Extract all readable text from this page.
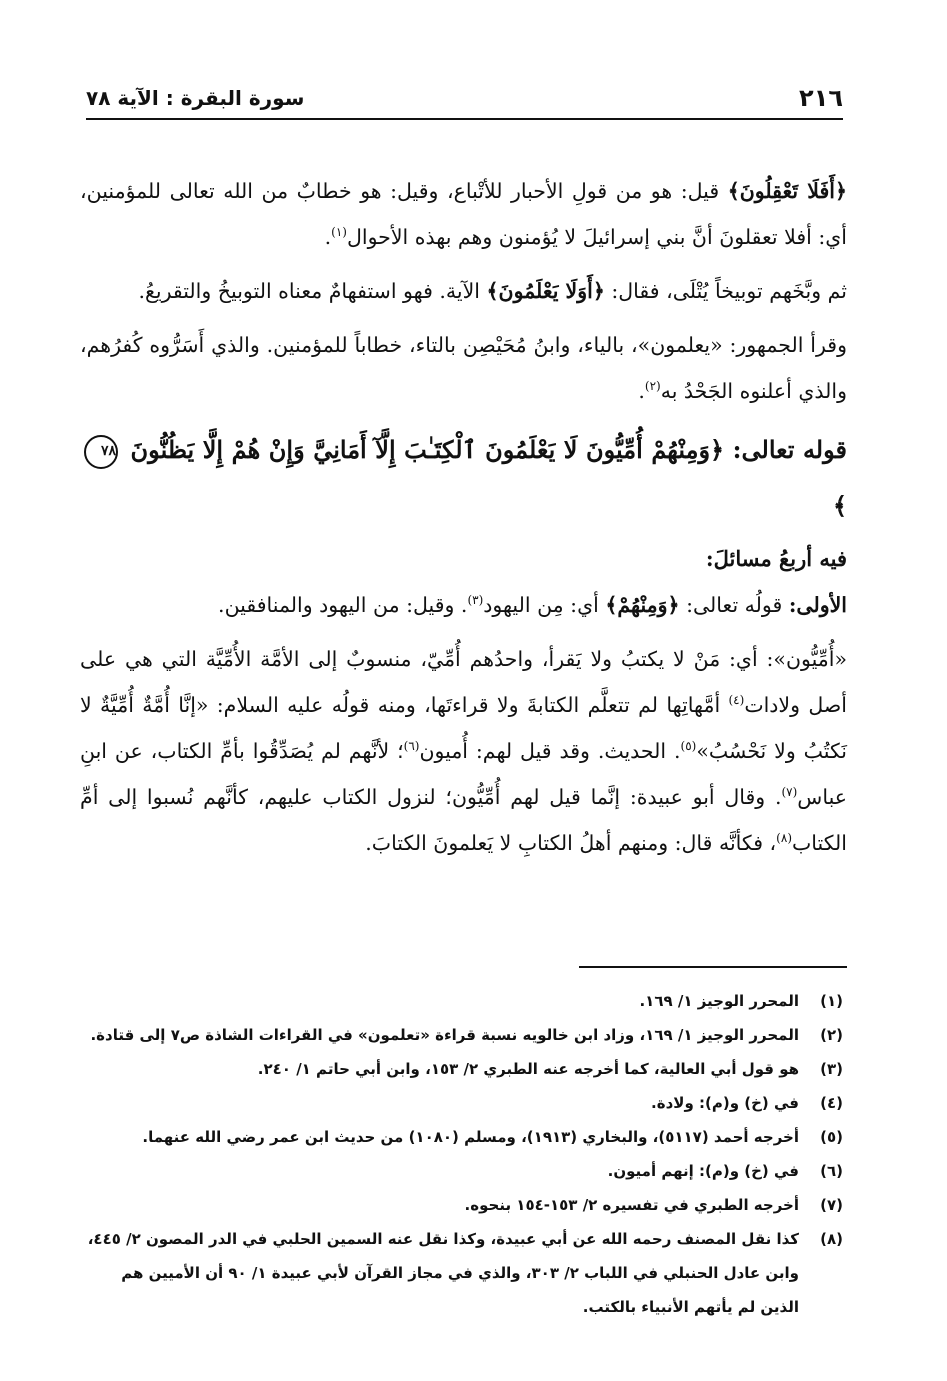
٢١٦
سورة البقرة : الآية ٧٨

﴿أَفَلَا تَعْقِلُونَ﴾ قيل: هو من قولِ الأحبار للأتْباع، وقيل: هو خطابٌ من الله تعالى للمؤمنين، أي: أفلا تعقلونَ أنَّ بني إسرائيلَ لا يُؤمنون وهم بهذه الأحوال$^{(١)}$.

ثم وبَّخَهم توبيخاً يُتْلَى، فقال: ﴿أَوَلَا يَعْلَمُونَ﴾ الآية. فهو استفهامٌ معناه التوبيخُ والتقريعُ.

وقرأ الجمهور: «يعلمون»، بالياء، وابنُ مُحَيْصِن بالتاء، خطاباً للمؤمنين. والذي أَسَرُّوه كُفرُهم، والذي أعلنوه الجَحْدُ به$^{(٢)}$.

قوله تعالى: ﴿وَمِنْهُمْ أُمِّيُّونَ لَا يَعْلَمُونَ ٱلْكِتَـٰبَ إِلَّآ أَمَانِيَّ وَإِنْ هُمْ إِلَّا يَظُنُّونَ ٧٨﴾

فيه أربعُ مسائلَ:

الأولى: قولُه تعالى: ﴿وَمِنْهُمْ﴾ أي: مِن اليهود$^{(٣)}$. وقيل: من اليهود والمنافقين.

«أُمِّيُّون»: أي: مَنْ لا يكتبُ ولا يَقرأ، واحدُهم أُمِّيّ، منسوبٌ إلى الأمَّة الأُمِّيَّة التي هي على أصل ولادات$^{(٤)}$ أمَّهاتِها لم تتعلَّم الكتابةَ ولا قراءتَها، ومنه قولُه عليه السلام: «إنَّا أُمَّةٌ أُمِّيَّةٌ لا نَكتُبُ ولا نَحْسُبُ»$^{(٥)}$. الحديث. وقد قيل لهم: أُميون$^{(٦)}$؛ لأنَّهم لم يُصَدِّقُوا بأمِّ الكتاب، عن ابنِ عباس$^{(٧)}$. وقال أبو عبيدة: إنَّما قيل لهم أُمِّيُّون؛ لنزول الكتاب عليهم، كأنَّهم نُسبوا إلى أمِّ الكتاب$^{(٨)}$، فكأنَّه قال: ومنهم أهلُ الكتابِ لا يَعلمونَ الكتابَ.

(١)
المحرر الوجيز ١/ ١٦٩.
(٢)
المحرر الوجيز ١/ ١٦٩، وزاد ابن خالويه نسبة قراءة «تعلمون» في القراءات الشاذة ص٧ إلى قتادة.
(٣)
هو قول أبي العالية، كما أخرجه عنه الطبري ٢/ ١٥٣، وابن أبي حاتم ١/ ٢٤٠.
(٤)
في (خ) و(م): ولادة.
(٥)
أخرجه أحمد (٥١١٧)، والبخاري (١٩١٣)، ومسلم (١٠٨٠) من حديث ابن عمر رضي الله عنهما.
(٦)
في (خ) و(م): إنهم أميون.
(٧)
أخرجه الطبري في تفسيره ٢/ ١٥٣-١٥٤ بنحوه.
(٨)
كذا نقل المصنف رحمه الله عن أبي عبيدة، وكذا نقل عنه السمين الحلبي في الدر المصون ٢/ ٤٤٥، وابن عادل الحنبلي في اللباب ٢/ ٣٠٣، والذي في مجاز القرآن لأبي عبيدة ١/ ٩٠ أن الأميين هم الذين لم يأتهم الأنبياء بالكتب.
